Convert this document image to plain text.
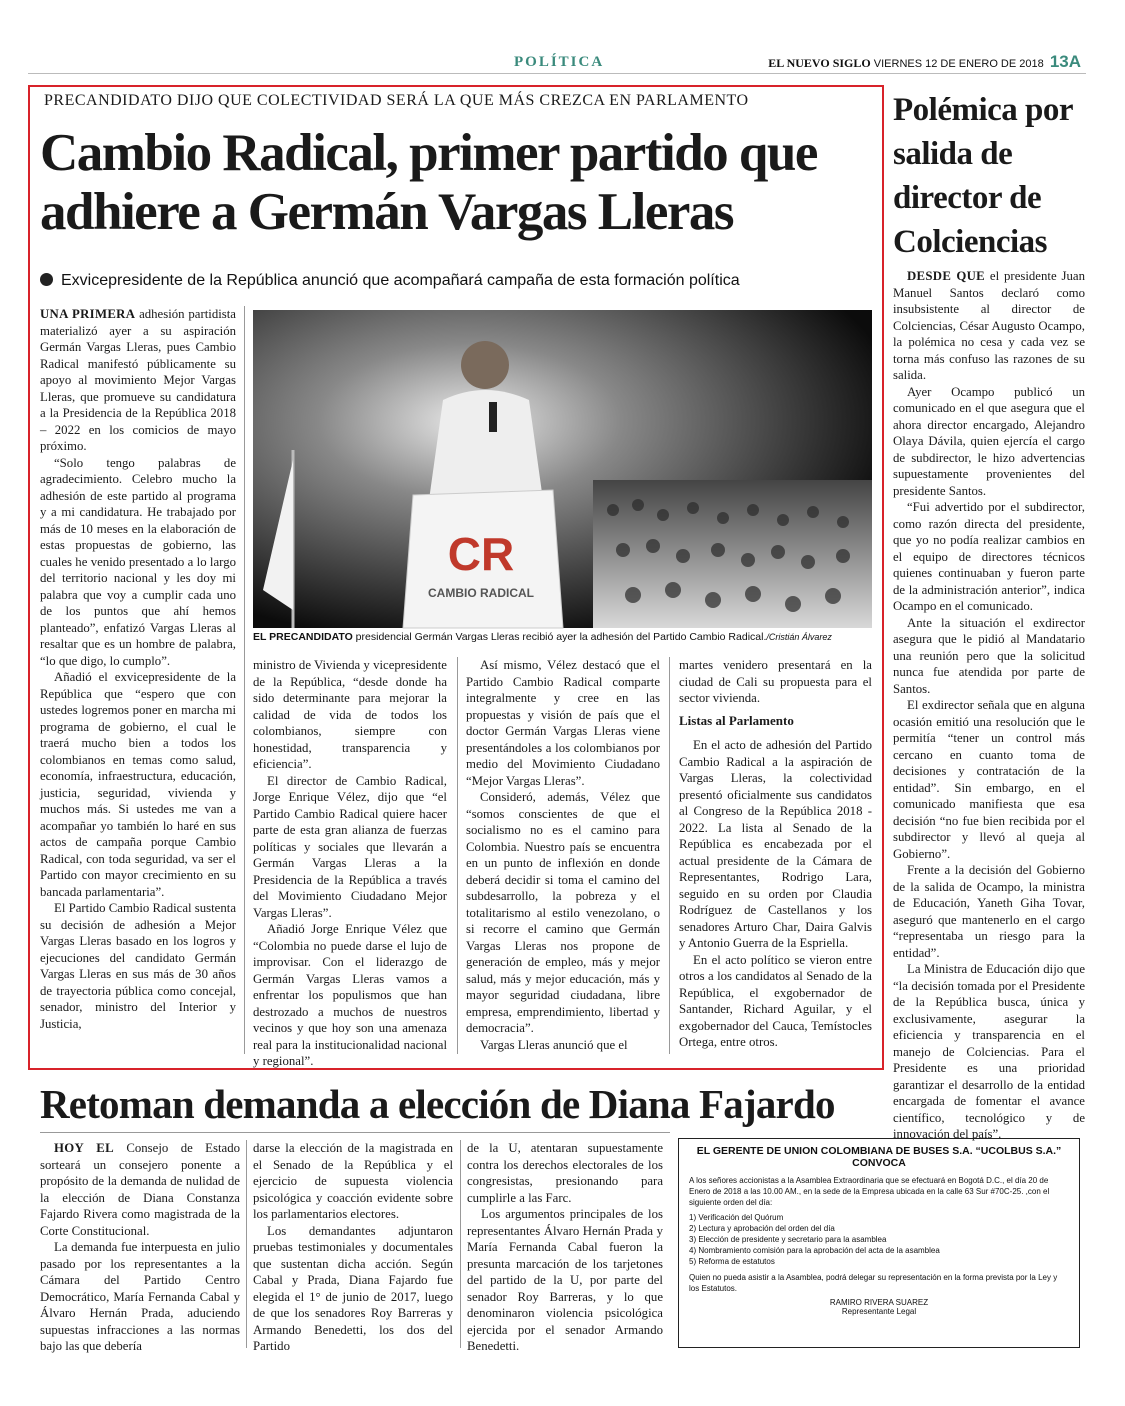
POLÍTICA	EL NUEVO SIGLO VIERNES 12 DE ENERO DE 2018 13A
PRECANDIDATO DIJO QUE COLECTIVIDAD SERÁ LA QUE MÁS CREZCA EN PARLAMENTO
Cambio Radical, primer partido que adhiere a Germán Vargas Lleras
Exvicepresidente de la República anunció que acompañará campaña de esta formación política
CR
CAMBIO RADICAL
EL PRECANDIDATO presidencial Germán Vargas Lleras recibió ayer la adhesión del Partido Cambio Radical./Cristián Álvarez

UNA PRIMERA adhesión partidista materializó ayer a su aspiración Germán Vargas Lleras, pues Cambio Radical manifestó públicamente su apoyo al movimiento Mejor Vargas Lleras, que promueve su candidatura a la Presidencia de la República 2018 – 2022 en los comicios de mayo próximo.

“Solo tengo palabras de agradecimiento. Celebro mucho la adhesión de este partido al programa y a mi candidatura. He trabajado por más de 10 meses en la elaboración de estas propuestas de gobierno, las cuales he venido presentado a lo largo del territorio nacional y les doy mi palabra que voy a cumplir cada uno de los puntos que ahí hemos planteado”, enfatizó Vargas Lleras al resaltar que es un hombre de palabra, “lo que digo, lo cumplo”.

Añadió el exvicepresidente de la República que “espero que con ustedes logremos poner en marcha mi programa de gobierno, el cual le traerá mucho bien a todos los colombianos en temas como salud, economía, infraestructura, educación, justicia, seguridad, vivienda y muchos más. Si ustedes me van a acompañar yo también lo haré en sus actos de campaña porque Cambio Radical, con toda seguridad, va ser el Partido con mayor crecimiento en su bancada parlamentaria”.

El Partido Cambio Radical sustenta su decisión de adhesión a Mejor Vargas Lleras basado en los logros y ejecuciones del candidato Germán Vargas Lleras en sus más de 30 años de trayectoria pública como concejal, senador, ministro del Interior y Justicia,

ministro de Vivienda y vicepresidente de la República, “desde donde ha sido determinante para mejorar la calidad de vida de todos los colombianos, siempre con honestidad, transparencia y eficiencia”.

El director de Cambio Radical, Jorge Enrique Vélez, dijo que “el Partido Cambio Radical quiere hacer parte de esta gran alianza de fuerzas políticas y sociales que llevarán a Germán Vargas Lleras a la Presidencia de la República a través del Movimiento Ciudadano Mejor Vargas Lleras”.

Añadió Jorge Enrique Vélez que “Colombia no puede darse el lujo de improvisar. Con el liderazgo de Germán Vargas Lleras vamos a enfrentar los populismos que han destrozado a muchos de nuestros vecinos y que hoy son una amenaza real para la institucionalidad nacional y regional”.

Así mismo, Vélez destacó que el Partido Cambio Radical comparte integralmente y cree en las propuestas y visión de país que el doctor Germán Vargas Lleras viene presentándoles a los colombianos por medio del Movimiento Ciudadano “Mejor Vargas Lleras”.

Consideró, además, Vélez que “somos conscientes de que el socialismo no es el camino para Colombia. Nuestro país se encuentra en un punto de inflexión en donde deberá decidir si toma el camino del subdesarrollo, la pobreza y el totalitarismo al estilo venezolano, o si recorre el camino que Germán Vargas Lleras nos propone de generación de empleo, más y mejor salud, más y mejor educación, más y mayor seguridad ciudadana, libre empresa, emprendimiento, libertad y democracia”.

Vargas Lleras anunció que el

martes venidero presentará en la ciudad de Cali su propuesta para el sector vivienda.

Listas al Parlamento

En el acto de adhesión del Partido Cambio Radical a la aspiración de Vargas Lleras, la colectividad presentó oficialmente sus candidatos al Congreso de la República 2018 - 2022. La lista al Senado de la República es encabezada por el actual presidente de la Cámara de Representantes, Rodrigo Lara, seguido en su orden por Claudia Rodríguez de Castellanos y los senadores Arturo Char, Daira Galvis y Antonio Guerra de la Espriella.

En el acto político se vieron entre otros a los candidatos al Senado de la República, el exgobernador de Santander, Richard Aguilar, y el exgobernador del Cauca, Temístocles Ortega, entre otros.

Polémica por salida de director de Colciencias

DESDE QUE el presidente Juan Manuel Santos declaró como insubsistente al director de Colciencias, César Augusto Ocampo, la polémica no cesa y cada vez se torna más confuso las razones de su salida.

Ayer Ocampo publicó un comunicado en el que asegura que el ahora director encargado, Alejandro Olaya Dávila, quien ejercía el cargo de subdirector, le hizo advertencias supuestamente provenientes del presidente Santos.

“Fui advertido por el subdirector, como razón directa del presidente, que yo no podía realizar cambios en el equipo de directores técnicos quienes continuaban y fueron parte de la administración anterior”, indica Ocampo en el comunicado.

Ante la situación el exdirector asegura que le pidió al Mandatario una reunión pero que la solicitud nunca fue atendida por parte de Santos.

El exdirector señala que en alguna ocasión emitió una resolución que le permitía “tener un control más cercano en cuanto toma de decisiones y contratación de la entidad”. Sin embargo, en el comunicado manifiesta que esa decisión “no fue bien recibida por el subdirector y llevó al queja al Gobierno”.

Frente a la decisión del Gobierno de la salida de Ocampo, la ministra de Educación, Yaneth Giha Tovar, aseguró que mantenerlo en el cargo “representaba un riesgo para la entidad”.

La Ministra de Educación dijo que “la decisión tomada por el Presidente de la República busca, única y exclusivamente, asegurar la eficiencia y transparencia en el manejo de Colciencias. Para el Presidente es una prioridad garantizar el desarrollo de la entidad encargada de fomentar el avance científico, tecnológico y de innovación del país”.

Retoman demanda a elección de Diana Fajardo

HOY EL Consejo de Estado sorteará un consejero ponente a propósito de la demanda de nulidad de la elección de Diana Constanza Fajardo Rivera como magistrada de la Corte Constitucional.

La demanda fue interpuesta en julio pasado por los representantes a la Cámara del Partido Centro Democrático, María Fernanda Cabal y Álvaro Hernán Prada, aduciendo supuestas infracciones a las normas bajo las que debería

darse la elección de la magistrada en el Senado de la República y el ejercicio de supuesta violencia psicológica y coacción evidente sobre los parlamentarios electores.

Los demandantes adjuntaron pruebas testimoniales y documentales que sustentan dicha acción. Según Cabal y Prada, Diana Fajardo fue elegida el 1° de junio de 2017, luego de que los senadores Roy Barreras y Armando Benedetti, los dos del Partido

de la U, atentaran supuestamente contra los derechos electorales de los congresistas, presionando para cumplirle a las Farc.

Los argumentos principales de los representantes Álvaro Hernán Prada y María Fernanda Cabal fueron la presunta marcación de los tarjetones del partido de la U, por parte del senador Roy Barreras, y lo que denominaron violencia psicológica ejercida por el senador Armando Benedetti.

EL GERENTE DE UNION COLOMBIANA DE BUSES S.A. “UCOLBUS S.A.”
CONVOCA
A los señores accionistas a la Asamblea Extraordinaria que se efectuará en Bogotá D.C., el día 20 de Enero de 2018 a las 10.00 AM., en la sede de la Empresa ubicada en la calle 63 Sur #70C-25. ,con el siguiente orden del día:
1) Verificación del Quórum
2) Lectura y aprobación del orden del día
3) Elección de presidente y secretario para la asamblea
4) Nombramiento comisión para la aprobación del acta de la asamblea
5) Reforma de estatutos
Quien no pueda asistir a la Asamblea, podrá delegar su representación en la forma prevista por la Ley y los Estatutos.
RAMIRO RIVERA SUAREZ
Representante Legal
